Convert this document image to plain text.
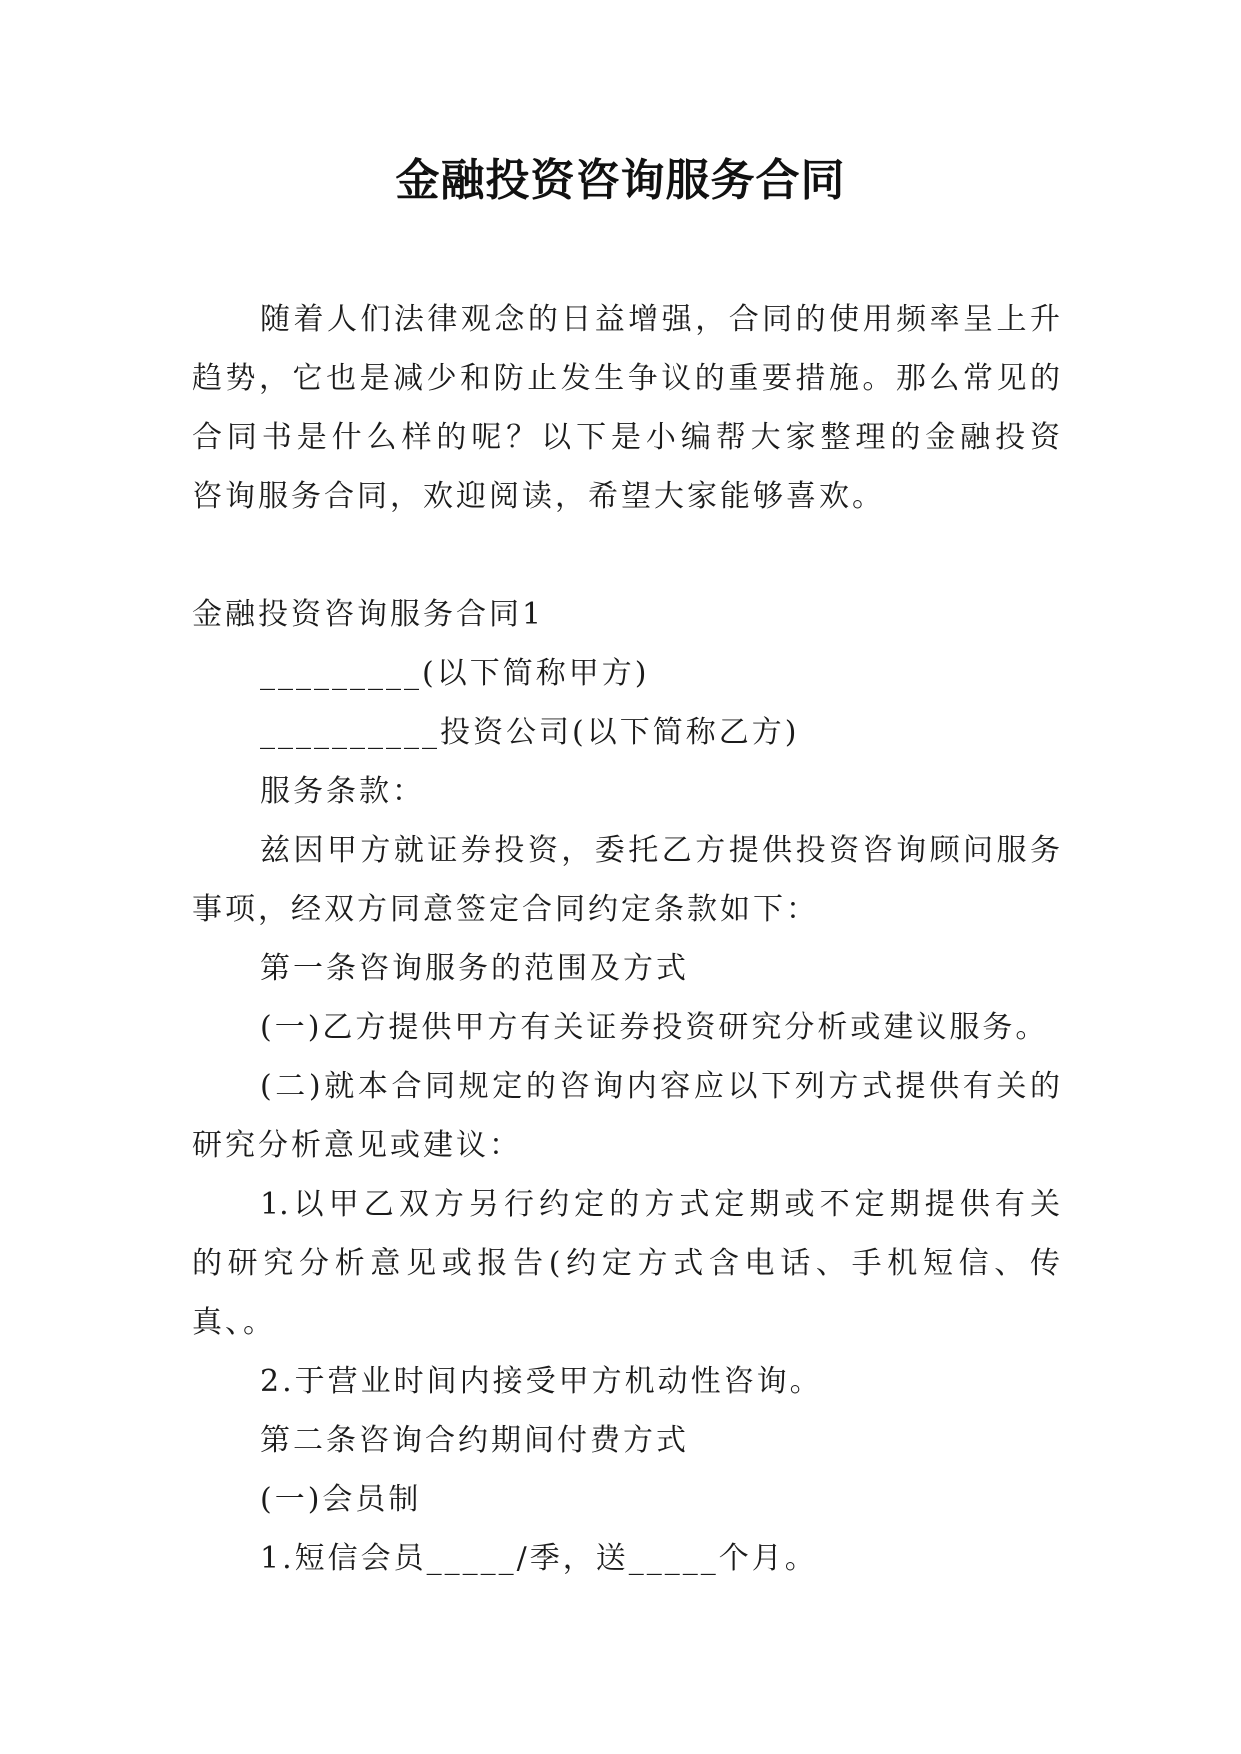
金融投资咨询服务合同
随着人们法律观念的日益增强，合同的使用频率呈上升
趋势，它也是减少和防止发生争议的重要措施。那么常见的
合同书是什么样的呢？以下是小编帮大家整理的金融投资
咨询服务合同，欢迎阅读，希望大家能够喜欢。
金融投资咨询服务合同1
_________(以下简称甲方)
__________投资公司(以下简称乙方)
服务条款：
兹因甲方就证券投资，委托乙方提供投资咨询顾问服务
事项，经双方同意签定合同约定条款如下：
第一条咨询服务的范围及方式
(一)乙方提供甲方有关证券投资研究分析或建议服务。
(二)就本合同规定的咨询内容应以下列方式提供有关的
研究分析意见或建议：
1.以甲乙双方另行约定的方式定期或不定期提供有关
的研究分析意见或报告(约定方式含电话、手机短信、传
真、。
2.于营业时间内接受甲方机动性咨询。
第二条咨询合约期间付费方式
(一)会员制
1.短信会员_____/季，送_____个月。
